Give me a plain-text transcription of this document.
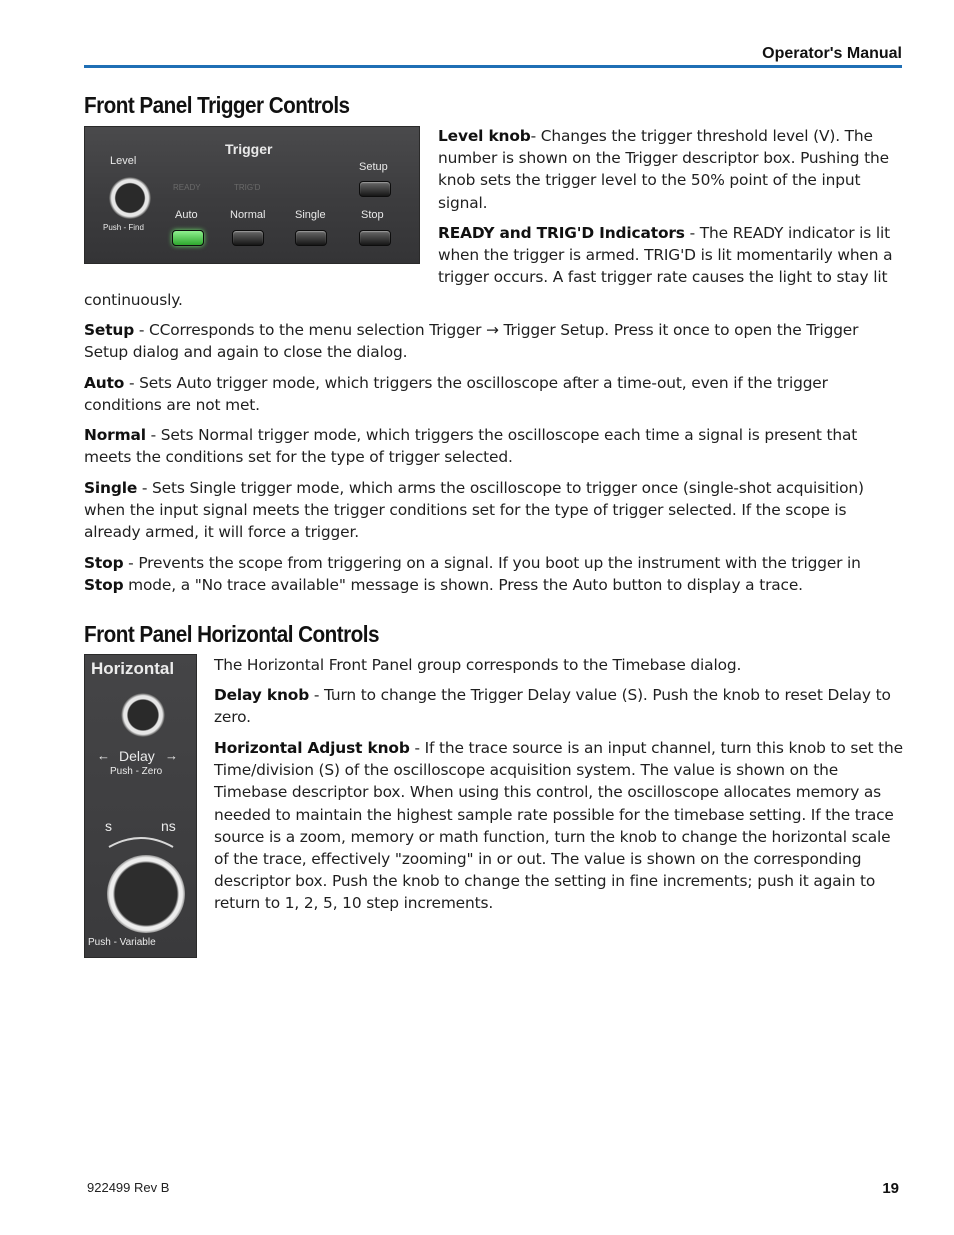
Operator's Manual
Front Panel Trigger Controls
Level
Trigger
Push - Find
READY	TRIG'D
Setup
Auto	Normal	Single	Stop

Level knob- Changes the trigger threshold level (V). The number is shown on the Trigger descriptor box. Pushing the knob sets the trigger level to the 50% point of the input signal.

READY and TRIG'D Indicators - The READY indicator is lit when the trigger is armed. TRIG'D is lit momentarily when a trigger occurs. A fast trigger rate causes the light to stay lit

continuously.

Setup - CCorresponds to the menu selection Trigger → Trigger Setup. Press it once to open the Trigger Setup dialog and again to close the dialog.

Auto - Sets Auto trigger mode, which triggers the oscilloscope after a time-out, even if the trigger conditions are not met.

Normal - Sets Normal trigger mode, which triggers the oscilloscope each time a signal is present that meets the conditions set for the type of trigger selected.

Single - Sets Single trigger mode, which arms the oscilloscope to trigger once (single-shot acquisition) when the input signal meets the trigger conditions set for the type of trigger selected. If the scope is already armed, it will force a trigger.

Stop - Prevents the scope from triggering on a signal. If you boot up the instrument with the trigger in Stop mode, a "No trace available" message is shown. Press the Auto button to display a trace.

Front Panel Horizontal Controls
Horizontal
← Delay →
Push - Zero
s	ns
Push - Variable

The Horizontal Front Panel group corresponds to the Timebase dialog.

Delay knob - Turn to change the Trigger Delay value (S). Push the knob to reset Delay to zero.

Horizontal Adjust knob - If the trace source is an input channel, turn this knob to set the Time/division (S) of the oscilloscope acquisition system. The value is shown on the Timebase descriptor box. When using this control, the oscilloscope allocates memory as needed to maintain the highest sample rate possible for the timebase setting. If the trace source is a zoom, memory or math function, turn the knob to change the horizontal scale of the trace, effectively "zooming" in or out. The value is shown on the corresponding descriptor box. Push the knob to change the setting in fine increments; push it again to return to 1, 2, 5, 10 step increments.

922499 Rev B	19
